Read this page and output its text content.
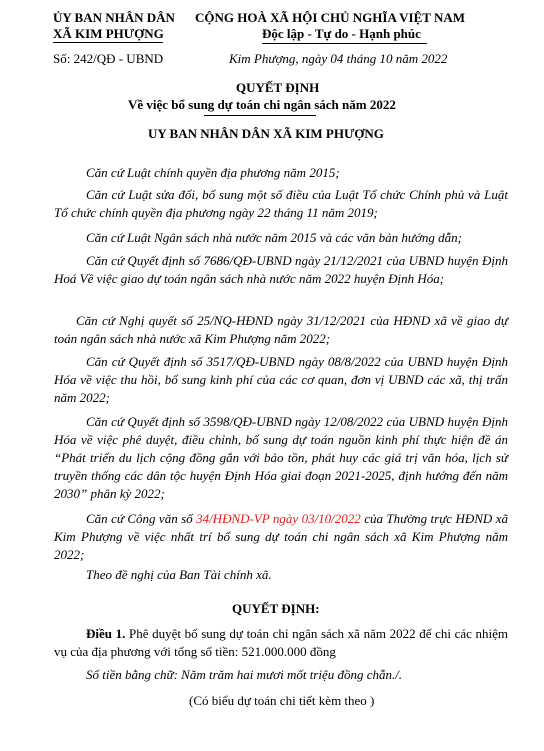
ỦY BAN NHÂN DÂN
XÃ KIM PHƯỢNG
CỘNG HOÀ XÃ HỘI CHỦ NGHĨA VIỆT NAM
Độc lập - Tự do - Hạnh phúc
Số: 242/QĐ - UBND	Kim Phượng, ngày 04 tháng 10 năm 2022
QUYẾT ĐỊNH
Về việc bổ sung dự toán chi ngân sách năm 2022
UY BAN NHÂN DÂN XÃ KIM PHƯỢNG
Căn cứ Luật chính quyền địa phương năm 2015;
Căn cứ Luật sửa đổi, bổ sung một số điều của Luật Tổ chức Chính phủ và Luật Tổ chức chính quyền địa phương ngày 22 tháng 11 năm 2019;
Căn cứ Luật Ngân sách nhà nước năm 2015 và các văn bản hướng dẫn;
Căn cứ Quyết định số 7686/QĐ-UBND ngày 21/12/2021 của UBND huyện Định Hoá Về việc giao dự toán ngân sách nhà nước năm 2022 huyện Định Hóa;
Căn cứ Nghị quyết số 25/NQ-HĐND ngày 31/12/2021 của HĐND xã về giao dự toán ngân sách nhà nước xã Kim Phượng năm 2022;
Căn cứ Quyết định số 3517/QĐ-UBND ngày 08/8/2022 của UBND huyện Định Hóa về việc thu hồi, bổ sung kinh phí của các cơ quan, đơn vị UBND các xã, thị trấn năm 2022;
Căn cứ Quyết định số 3598/QĐ-UBND ngày 12/08/2022 của UBND huyện Định Hóa về việc phê duyệt, điều chỉnh, bổ sung dự toán nguồn kinh phí thực hiện đề án “Phát triển du lịch cộng đồng gắn với bảo tồn, phát huy các giá trị văn hóa, lịch sử truyền thống các dân tộc huyện Định Hóa giai đoạn 2021-2025, định hướng đến năm 2030” phân kỳ 2022;
Căn cứ Công văn số 34/HĐND-VP ngày 03/10/2022 của Thường trực HĐND xã Kim Phượng về việc nhất trí bổ sung dự toán chi ngân sách xã Kim Phượng năm 2022;
Theo đề nghị của Ban Tài chính xã.
QUYẾT ĐỊNH:
Điều 1. Phê duyệt bổ sung dự toán chi ngân sách xã năm 2022 để chi các nhiệm vụ của địa phương với tổng số tiền: 521.000.000 đồng
Số tiền bằng chữ: Năm trăm hai mươi mốt triệu đồng chẵn./.
(Có biểu dự toán chi tiết kèm theo )
